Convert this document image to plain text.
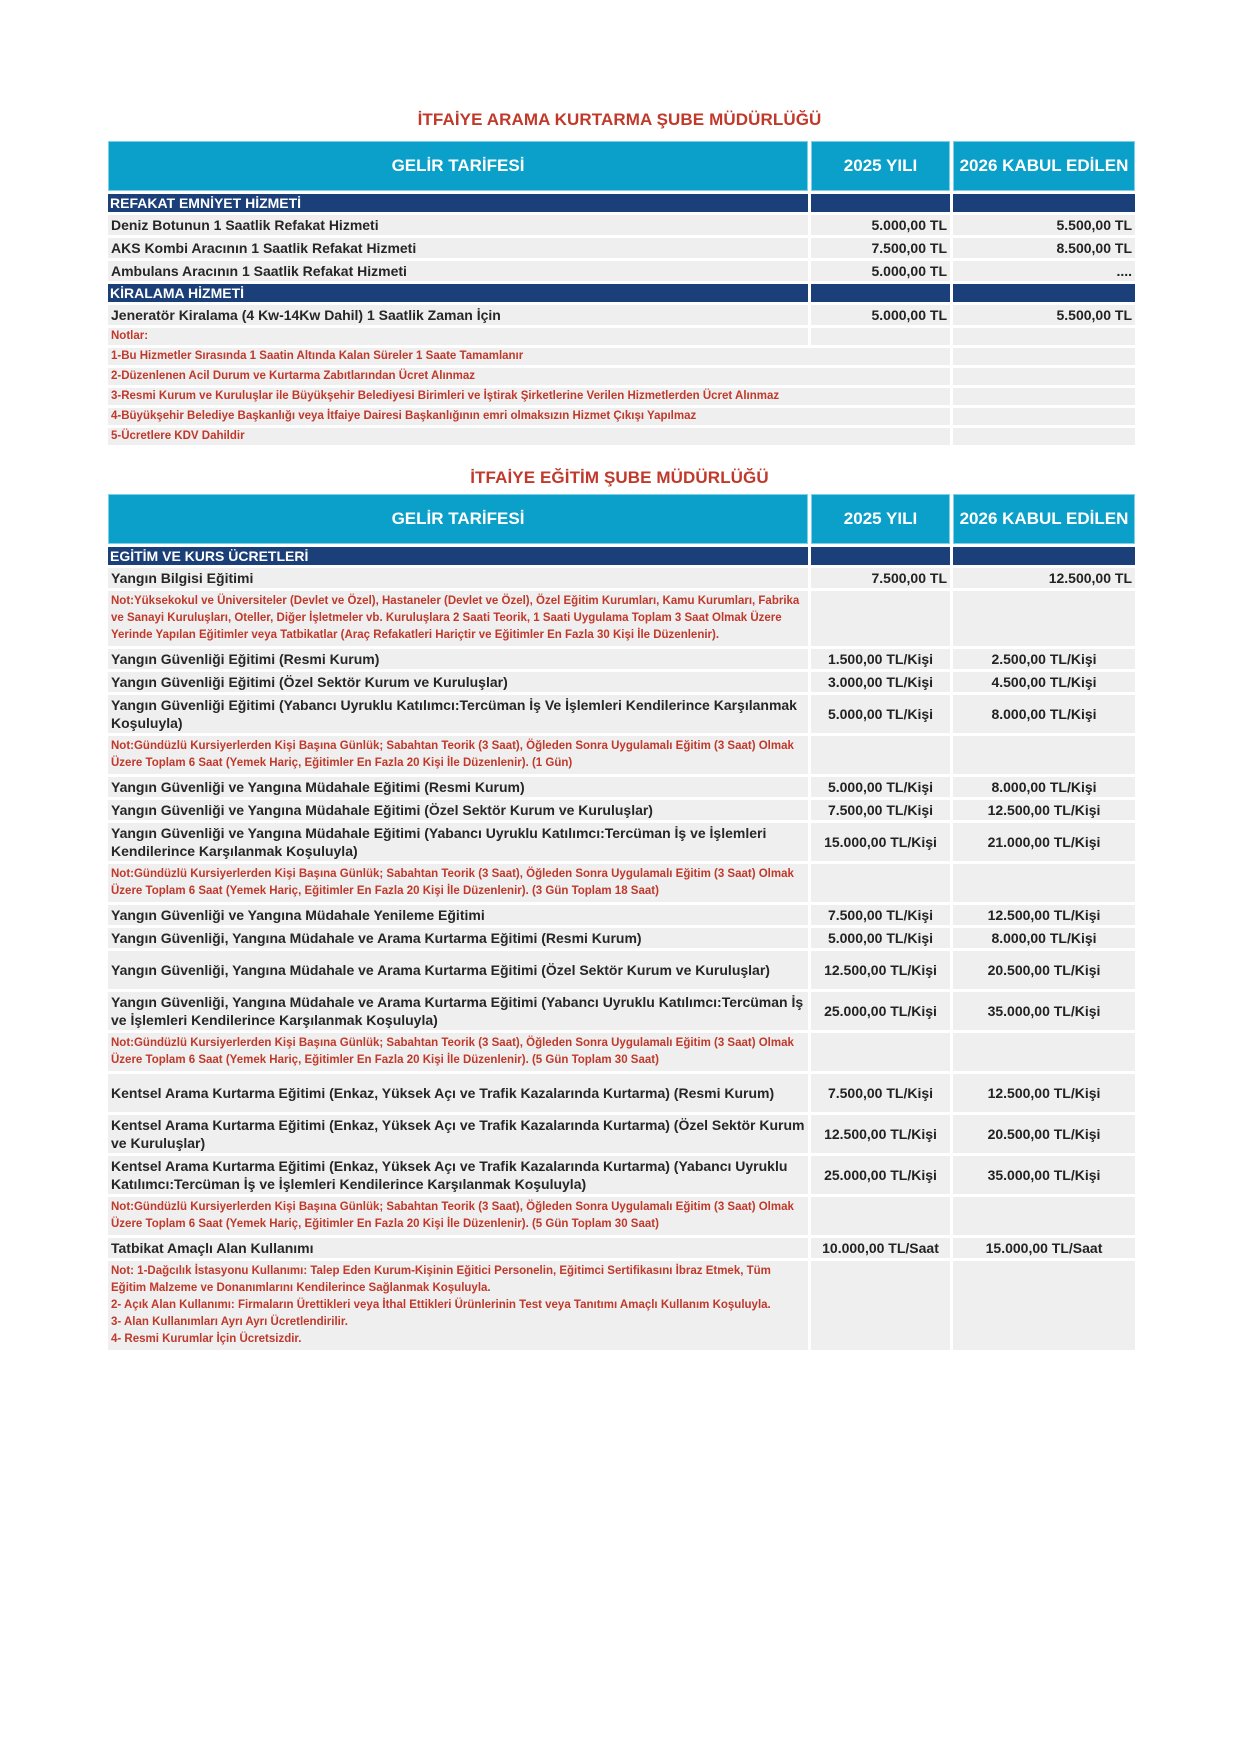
İTFAİYE ARAMA KURTARMA ŞUBE MÜDÜRLÜĞÜ
GELİR TARİFESİ	2025 YILI	2026 KABUL EDİLEN
REFAKAT EMNİYET HİZMETİ		
Deniz Botunun 1 Saatlik Refakat Hizmeti	5.000,00 TL	5.500,00 TL
AKS Kombi Aracının 1 Saatlik Refakat Hizmeti	7.500,00 TL	8.500,00 TL
Ambulans Aracının 1 Saatlik Refakat Hizmeti	5.000,00 TL	....
KİRALAMA HİZMETİ		
Jeneratör Kiralama (4 Kw-14Kw Dahil) 1 Saatlik Zaman İçin	5.000,00 TL	5.500,00 TL
Notlar:		
1-Bu Hizmetler Sırasında 1 Saatin Altında Kalan Süreler 1 Saate Tamamlanır		
2-Düzenlenen Acil Durum ve Kurtarma Zabıtlarından Ücret Alınmaz		
3-Resmi Kurum ve Kuruluşlar ile Büyükşehir Belediyesi Birimleri ve İştirak Şirketlerine Verilen Hizmetlerden Ücret Alınmaz		
4-Büyükşehir Belediye Başkanlığı veya İtfaiye Dairesi Başkanlığının emri olmaksızın Hizmet Çıkışı Yapılmaz		
5-Ücretlere KDV Dahildir		
İTFAİYE EĞİTİM ŞUBE MÜDÜRLÜĞÜ
GELİR TARİFESİ	2025 YILI	2026 KABUL EDİLEN
EGİTİM VE KURS ÜCRETLERİ		
Yangın Bilgisi Eğitimi	7.500,00 TL	12.500,00 TL
Not:Yüksekokul ve Üniversiteler (Devlet ve Özel), Hastaneler (Devlet ve Özel), Özel Eğitim Kurumları, Kamu Kurumları, Fabrika ve Sanayi Kuruluşları, Oteller, Diğer İşletmeler vb. Kuruluşlara 2 Saati Teorik, 1 Saati Uygulama Toplam 3 Saat Olmak Üzere Yerinde Yapılan Eğitimler veya Tatbikatlar (Araç Refakatleri Hariçtir ve Eğitimler En Fazla 30 Kişi İle Düzenlenir).		
Yangın Güvenliği Eğitimi (Resmi Kurum)	1.500,00 TL/Kişi	2.500,00 TL/Kişi
Yangın Güvenliği Eğitimi (Özel Sektör Kurum ve Kuruluşlar)	3.000,00 TL/Kişi	4.500,00 TL/Kişi
Yangın Güvenliği Eğitimi (Yabancı Uyruklu Katılımcı:Tercüman İş Ve İşlemleri Kendilerince Karşılanmak Koşuluyla)	5.000,00 TL/Kişi	8.000,00 TL/Kişi
Not:Gündüzlü Kursiyerlerden Kişi Başına Günlük; Sabahtan Teorik (3 Saat), Öğleden Sonra Uygulamalı Eğitim (3 Saat) Olmak
Üzere Toplam 6 Saat (Yemek Hariç, Eğitimler En Fazla 20 Kişi İle Düzenlenir). (1 Gün)		
Yangın Güvenliği ve Yangına Müdahale Eğitimi (Resmi Kurum)	5.000,00 TL/Kişi	8.000,00 TL/Kişi
Yangın Güvenliği ve Yangına Müdahale Eğitimi (Özel Sektör Kurum ve Kuruluşlar)	7.500,00 TL/Kişi	12.500,00 TL/Kişi
Yangın Güvenliği ve Yangına Müdahale Eğitimi (Yabancı Uyruklu Katılımcı:Tercüman İş ve İşlemleri Kendilerince Karşılanmak Koşuluyla)	15.000,00 TL/Kişi	21.000,00 TL/Kişi
Not:Gündüzlü Kursiyerlerden Kişi Başına Günlük; Sabahtan Teorik (3 Saat), Öğleden Sonra Uygulamalı Eğitim (3 Saat) Olmak Üzere Toplam 6 Saat (Yemek Hariç, Eğitimler En Fazla 20 Kişi İle Düzenlenir). (3 Gün Toplam 18 Saat)		
Yangın Güvenliği ve Yangına Müdahale Yenileme Eğitimi	7.500,00 TL/Kişi	12.500,00 TL/Kişi
Yangın Güvenliği, Yangına Müdahale ve Arama Kurtarma Eğitimi (Resmi Kurum)	5.000,00 TL/Kişi	8.000,00 TL/Kişi
Yangın Güvenliği, Yangına Müdahale ve Arama Kurtarma Eğitimi (Özel Sektör Kurum ve Kuruluşlar)	12.500,00 TL/Kişi	20.500,00 TL/Kişi
Yangın Güvenliği, Yangına Müdahale ve Arama Kurtarma Eğitimi (Yabancı Uyruklu Katılımcı:Tercüman İş ve İşlemleri Kendilerince Karşılanmak Koşuluyla)	25.000,00 TL/Kişi	35.000,00 TL/Kişi
Not:Gündüzlü Kursiyerlerden Kişi Başına Günlük; Sabahtan Teorik (3 Saat), Öğleden Sonra Uygulamalı Eğitim (3 Saat) Olmak Üzere Toplam 6 Saat (Yemek Hariç, Eğitimler En Fazla 20 Kişi İle Düzenlenir). (5 Gün Toplam 30 Saat)		
Kentsel Arama Kurtarma Eğitimi (Enkaz, Yüksek Açı ve Trafik Kazalarında Kurtarma) (Resmi Kurum)	7.500,00 TL/Kişi	12.500,00 TL/Kişi
Kentsel Arama Kurtarma Eğitimi (Enkaz, Yüksek Açı ve Trafik Kazalarında Kurtarma) (Özel Sektör Kurum ve Kuruluşlar)	12.500,00 TL/Kişi	20.500,00 TL/Kişi
Kentsel Arama Kurtarma Eğitimi (Enkaz, Yüksek Açı ve Trafik Kazalarında Kurtarma) (Yabancı Uyruklu Katılımcı:Tercüman İş ve İşlemleri Kendilerince Karşılanmak Koşuluyla)	25.000,00 TL/Kişi	35.000,00 TL/Kişi
Not:Gündüzlü Kursiyerlerden Kişi Başına Günlük; Sabahtan Teorik (3 Saat), Öğleden Sonra Uygulamalı Eğitim (3 Saat) Olmak Üzere Toplam 6 Saat (Yemek Hariç, Eğitimler En Fazla 20 Kişi İle Düzenlenir). (5 Gün Toplam 30 Saat)		
Tatbikat Amaçlı Alan Kullanımı	10.000,00 TL/Saat	15.000,00 TL/Saat
Not: 1-Dağcılık İstasyonu Kullanımı: Talep Eden Kurum-Kişinin Eğitici Personelin, Eğitimci Sertifikasını İbraz Etmek, Tüm Eğitim Malzeme ve Donanımlarını Kendilerince Sağlanmak Koşuluyla.
2- Açık Alan Kullanımı: Firmaların Ürettikleri veya İthal Ettikleri Ürünlerinin Test veya Tanıtımı Amaçlı Kullanım Koşuluyla.
3- Alan Kullanımları Ayrı Ayrı Ücretlendirilir.
4- Resmi Kurumlar İçin Ücretsizdir.		
